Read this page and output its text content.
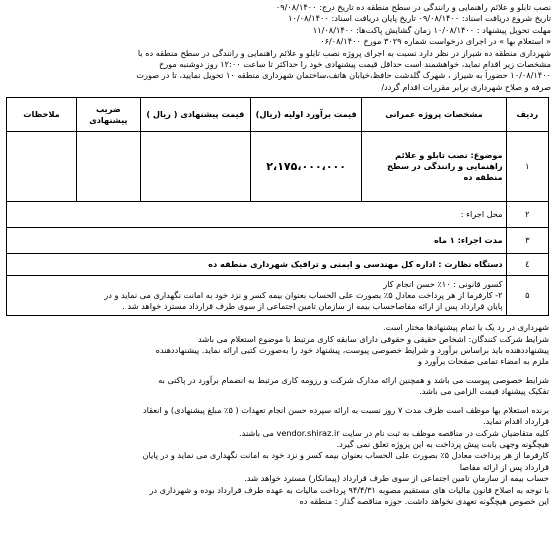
نصب تابلو و علائم راهنمایی و رانندگی در سطح منطقه ده تاریخ درج: ۰۹/۰۸/۱۴۰۰
تاریخ شروع دریافت اسناد: ۰۹/۰۸/۱۴۰۰ تاریخ پایان دریافت اسناد: ۱۰/۰۸/۱۴۰۰
مهلت تحویل پیشنهاد : ۱۰/۰۸/۱۴۰۰ زمان گشایش پاکت‌ها: ۱۱/۰۸/۱۴۰۰
« استعلام بها » در اجرای درخواست شماره ۳۰۲۹ مورخ ۰۶/۰۸/۱۴۰۰
شهرداری منطقه ده شیراز در نظر دارد نسبت به اجرای پروژه نصب تابلو و علائم راهنمایی و رانندگی در سطح منطقه ده با
مشخصات زیر اقدام نماید، خواهشمند است حداقل قیمت پیشنهادی خود را حداکثر تا ساعت ۱۲:۰۰ روز دوشنبه مورخ
۱۰/۰۸/۱۴۰۰ حضوراً به شیراز ، شهرک گلدشت حافظ،خیابان هاتف،ساختمان شهرداری منطقه ۱۰ تحویل نمایید، تا در صورت
صرفه و صلاح شهرداری برابر مقررات اقدام گردد/
ردیف	مشخصات پروژه عمرانی	قیمت برآورد اولیه (ریال)	قیمت پیشنهادی ( ریال )	ضریب پیشنهادی	ملاحظات
۱	موضوع: نصب تابلو و علائم راهنمایی و رانندگی در سطح منطقه ده	۲،۱۷۵،۰۰۰،۰۰۰			
۲	محل اجراء :				
۳	مدت اجراء: ۱ ماه				
٤	دستگاه نظارت : اداره کل مهندسی و ایمنی و ترافیک شهرداری منطقه ده				
۵	کسور قانونی : ۱۰٪ حسن انجام کار
۲- کارفرما از هر پرداخت معادل ۵٪ بصورت علی الحساب بعنوان بیمه کسر و نزد خود به امانت نگهداری می نماید و در
پایان قرارداد پس از ارائه مفاصاحساب بیمه از سازمان تامین اجتماعی از سوی طرف قرارداد مسترد خواهد شد .				
شهرداری در رد یک یا تمام پیشنهادها مختار است.
شرایط شرکت کنندگان: اشخاص حقیقی و حقوقی دارای سابقه کاری مرتبط با موضوع استعلام می باشد
پیشنهاددهنده باید براساس برآورد و شرایط خصوصی پیوست، پیشنهاد خود را به‌صورت کتبی ارائه نماید. پیشنهاددهنده
ملزم به امضاء تمامی صفحات برآورد و
شرایط خصوصی پیوست می باشد و همچنین ارائه مدارک شرکت و رزومه کاری مرتبط به انضمام برآورد در پاکتی به
تفکیک پیشنهاد قیمت الزامی می باشد.
برنده استعلام بها موظف است ظرف مدت ۷ روز نسبت به ارائه سپرده حسن انجام تعهدات ( ۵٪ مبلغ پیشنهادی) و انعقاد
قرارداد اقدام نماید.
کلیه متقاضیان شرکت در مناقصه موظف به ثبت نام در سایت vendor.shiraz.ir می باشند.
هیچگونه وجهی بابت پیش پرداخت به این پروژه تعلق نمی گیرد.
کارفرما از هر پرداخت معادل ۵٪ بصورت علی الحساب بعنوان بیمه کسر و نزد خود به امانت نگهداری می نماید و در پایان
قرارداد پس از ارائه مفاصا
حساب بیمه از سازمان تامین اجتماعی از سوی طرف قرارداد (پیمانکار) مسترد خواهد شد.
با توجه به اصلاح قانون مالیات های مستقیم مصوبه ۹۴/۴/۳۱ پرداخت مالیات به عهده طرف قرارداد بوده و شهرداری در
این خصوص هیچگونه تعهدی نخواهد داشت. حوزه مناقصه گذار : منطقه ده
